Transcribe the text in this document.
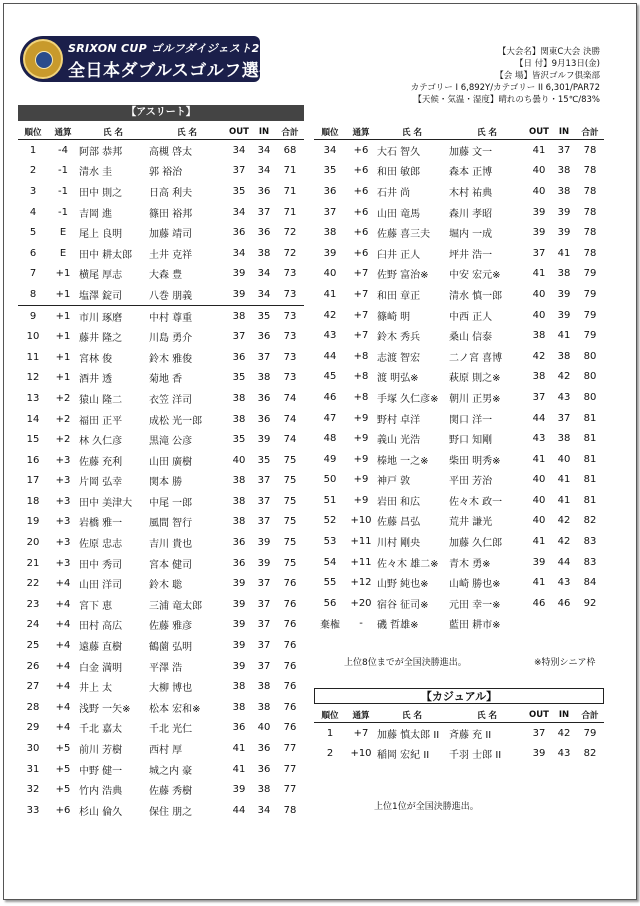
SRIXON CUP ゴルフダイジェスト2019
全日本ダブルスゴルフ選手権
【大会名】関東C大会 決勝
【日 付】9月13日(金)
【会 場】皆沢ゴルフ倶楽部
カテゴリー I 6,892Y/カテゴリー II 6,301/PAR72
【天候・気温・湿度】晴れのち曇り・15℃/83%
【アスリート】
順位	通算	氏 名	氏 名	OUT	IN	合計
1	-4	阿部 恭邦	高槻 啓太	34	34	68
2	-1	清水 圭	郭 裕治	37	34	71
3	-1	田中 則之	日高 利夫	35	36	71
4	-1	吉岡 進	篠田 裕邦	34	37	71
5	E	尾上 良明	加藤 靖司	36	36	72
6	E	田中 耕太郎	土井 克祥	34	38	72
7	+1	横尾 厚志	大森 豊	39	34	73
8	+1	塩澤 錠司	八巻 朋義	39	34	73
9	+1	市川 琢磨	中村 尊重	38	35	73
10	+1	藤井 隆之	川島 勇介	37	36	73
11	+1	宮林 俊	鈴木 雅俊	36	37	73
12	+1	酒井 透	菊地 香	35	38	73
13	+2	猿山 隆二	衣笠 洋司	38	36	74
14	+2	福田 正平	成松 光一郎	38	36	74
15	+2	林 久仁彦	黒滝 公彦	35	39	74
16	+3	佐藤 充利	山田 廣樹	40	35	75
17	+3	片岡 弘幸	関本 勝	38	37	75
18	+3	田中 美津大	中尾 一郎	38	37	75
19	+3	岩橋 雅一	風間 智行	38	37	75
20	+3	佐原 忠志	吉川 貴也	36	39	75
21	+3	田中 秀司	宮本 健司	36	39	75
22	+4	山田 洋司	鈴木 聡	39	37	76
23	+4	宮下 恵	三浦 竜太郎	39	37	76
24	+4	田村 高広	佐藤 雅彦	39	37	76
25	+4	遠藤 直樹	鶴薗 弘明	39	37	76
26	+4	白金 満明	平澤 浩	39	37	76
27	+4	井上 太	大柳 博也	38	38	76
28	+4	浅野 一矢※	松本 宏和※	38	38	76
29	+4	千北 嘉太	千北 光仁	36	40	76
30	+5	前川 芳樹	西村 厚	41	36	77
31	+5	中野 健一	城之内 豪	41	36	77
32	+5	竹内 浩典	佐藤 秀樹	39	38	77
33	+6	杉山 倫久	保住 朋之	44	34	78
順位	通算	氏 名	氏 名	OUT	IN	合計
34	+6	大石 智久	加藤 文一	41	37	78
35	+6	和田 敏郎	森本 正博	40	38	78
36	+6	石井 尚	木村 祐典	40	38	78
37	+6	山田 竜馬	森川 孝昭	39	39	78
38	+6	佐藤 喜三夫	堀内 一成	39	39	78
39	+6	臼井 正人	坪井 浩一	37	41	78
40	+7	佐野 富治※	中安 宏元※	41	38	79
41	+7	和田 章正	清水 慎一郎	40	39	79
42	+7	篠崎 明	中西 正人	40	39	79
43	+7	鈴木 秀兵	桑山 信泰	38	41	79
44	+8	志渡 智宏	二ノ宮 喜博	42	38	80
45	+8	渡 明弘※	萩原 則之※	38	42	80
46	+8	手塚 久仁彦※	朝川 正男※	37	43	80
47	+9	野村 卓洋	関口 洋一	44	37	81
48	+9	義山 光浩	野口 知剛	43	38	81
49	+9	榛地 一之※	柴田 明秀※	41	40	81
50	+9	神戸 敦	平田 芳治	40	41	81
51	+9	岩田 和広	佐々木 政一	40	41	81
52	+10	佐藤 昌弘	荒井 謙光	40	42	82
53	+11	川村 剛央	加藤 久仁郎	41	42	83
54	+11	佐々木 雄二※	青木 勇※	39	44	83
55	+12	山野 純也※	山崎 勝也※	41	43	84
56	+20	宿谷 征司※	元田 幸一※	46	46	92
棄権	-	磯 哲雄※	藍田 耕市※			
上位8位までが全国決勝進出。	※特別シニア枠
【カジュアル】
順位	通算	氏 名	氏 名	OUT	IN	合計
1	+7	加藤 慎太郎 II	斉藤 充 II	37	42	79
2	+10	稲岡 宏紀 II	千羽 士郎 II	39	43	82
上位1位が全国決勝進出。
